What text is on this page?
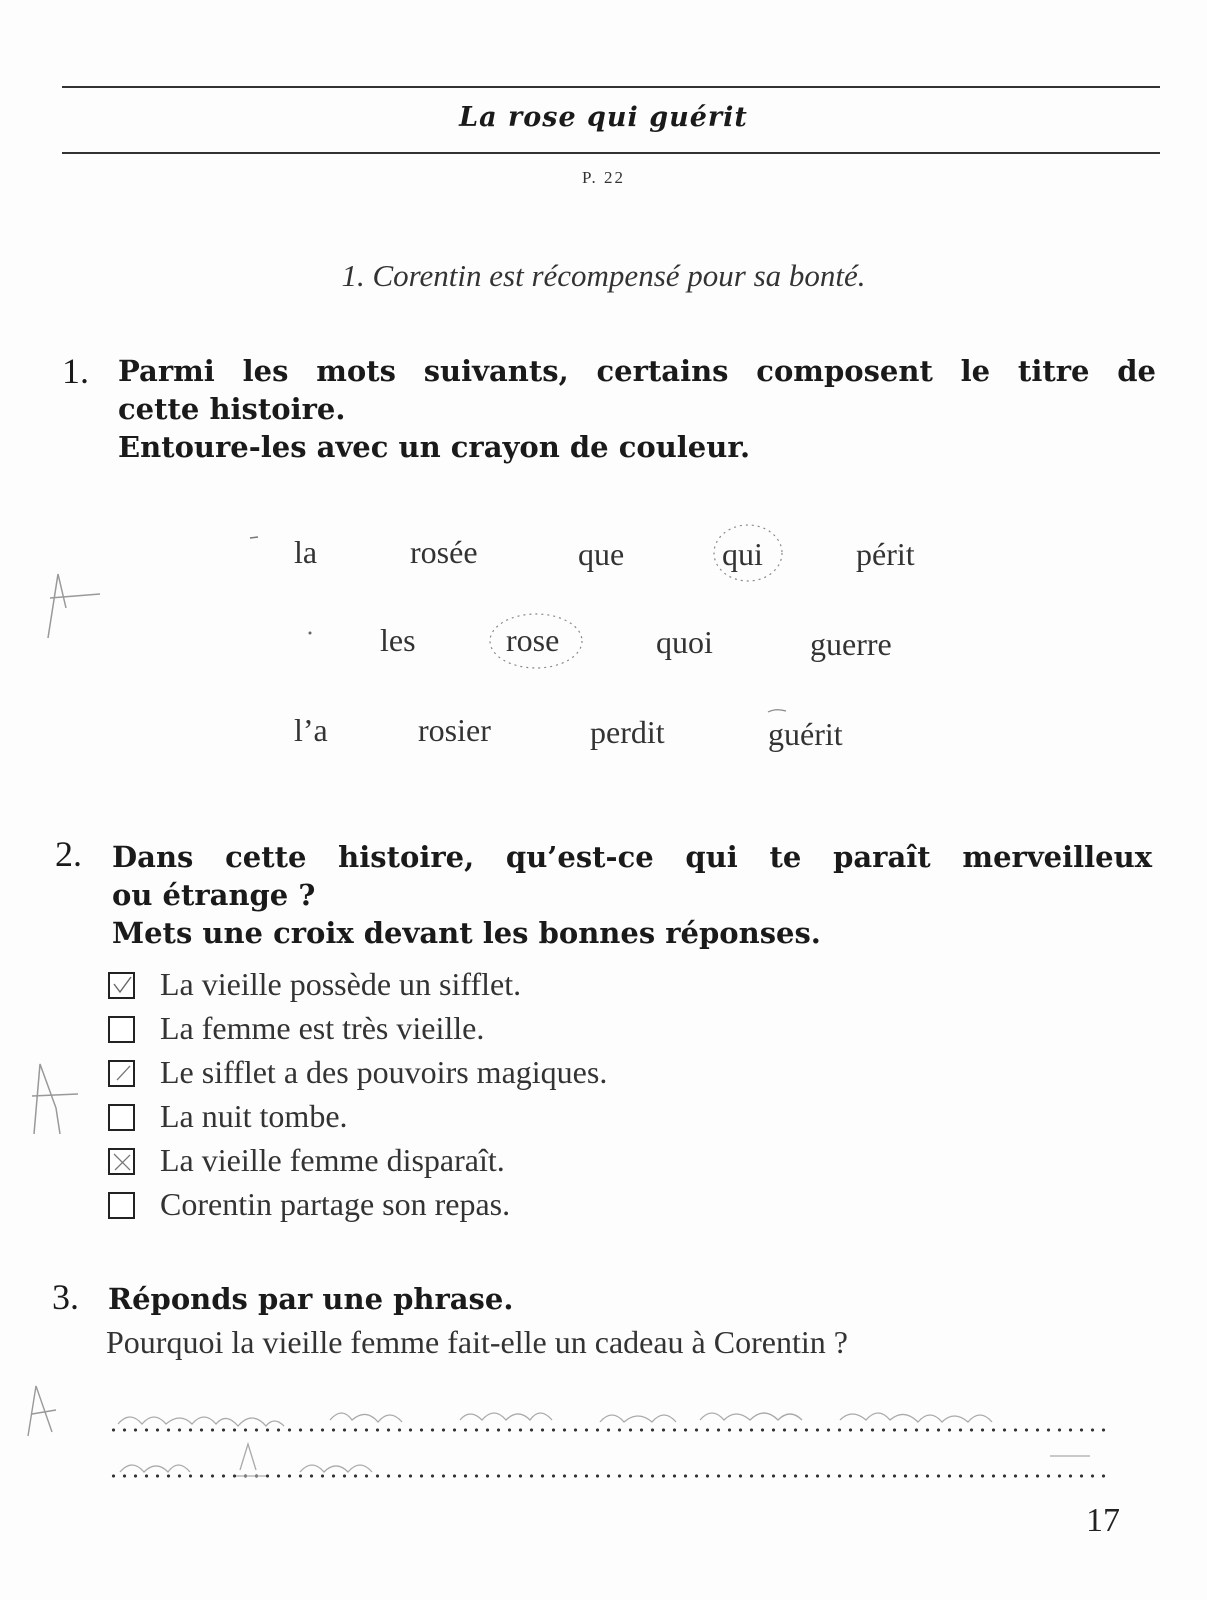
La rose qui guérit
P. 22
1. Corentin est récompensé pour sa bonté.
1. Parmi les mots suivants, certains composent le titre de
cette histoire.
Entoure-les avec un crayon de couleur.
la	rosée	que	qui	périt
les	rose	quoi	guerre
l’a	rosier	perdit	guérit
2. Dans cette histoire, qu’est-ce qui te paraît merveilleux
ou étrange ?
Mets une croix devant les bonnes réponses.
La vieille possède un sifflet.
La femme est très vieille.
Le sifflet a des pouvoirs magiques.
La nuit tombe.
La vieille femme disparaît.
Corentin partage son repas.
3. Réponds par une phrase.
Pourquoi la vieille femme fait-elle un cadeau à Corentin ?
17
